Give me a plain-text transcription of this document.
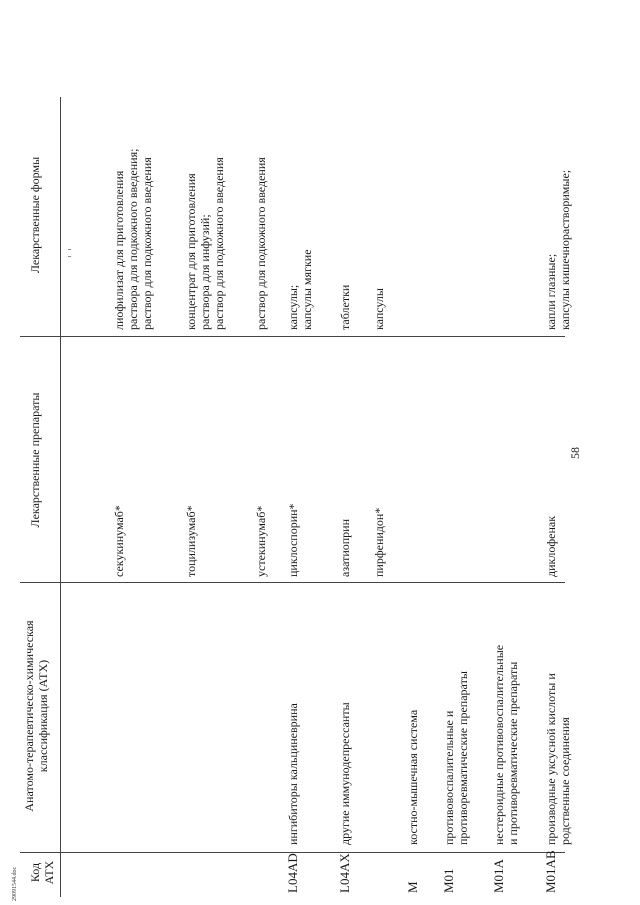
58
29091544.doc Код АТХ
Анатомо-терапевтическо-химическая
классификация (АТХ)
Лекарственные препараты
Лекарственные формы
секукинумаб*
лиофилизат для приготовления
раствора для подкожного введения;
раствор для подкожного введения
тоцилизумаб*
концентрат для приготовления
раствора для инфузий;
раствор для подкожного введения
устекинумаб*
раствор для подкожного введения
L04AD
ингибиторы кальциневрина
циклоспорин*
капсулы;
капсулы мягкие
L04AX
другие иммунодепрессанты
азатиоприн
таблетки
пирфенидон*
капсулы
M
костно-мышечная система
M01
противовоспалительные и
противоревматические препараты
M01A
нестероидные противовоспалительные
и противоревматические препараты
M01AB
производные уксусной кислоты и
родственные соединения
диклофенак
капли глазные;
капсулы кишечнорастворимые;
